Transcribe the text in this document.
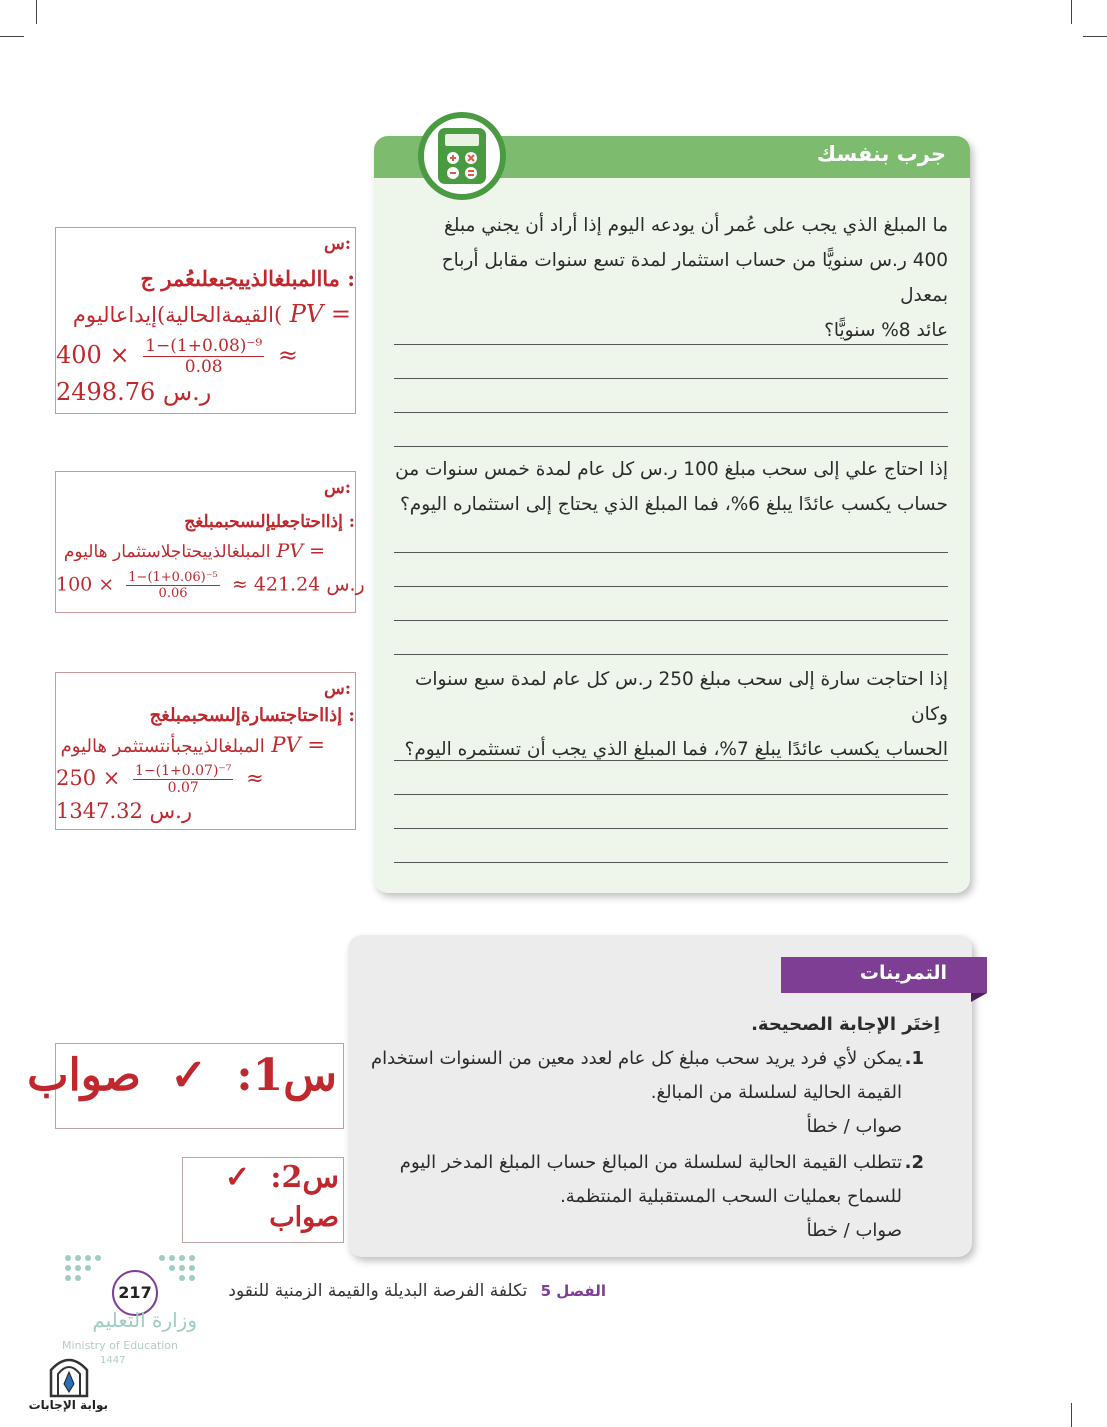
جرب بنفسك
ما المبلغ الذي يجب على عُمر أن يودعه اليوم إذا أراد أن يجني مبلغ
400 ر.س سنويًّا من حساب استثمار لمدة تسع سنوات مقابل أرباح بمعدل
عائد 8% سنويًّا؟
إذا احتاج علي إلى سحب مبلغ 100 ر.س كل عام لمدة خمس سنوات من
حساب يكسب عائدًا يبلغ 6%، فما المبلغ الذي يحتاج إلى استثماره اليوم؟
إذا احتاجت سارة إلى سحب مبلغ 250 ر.س كل عام لمدة سبع سنوات وكان
الحساب يكسب عائدًا يبلغ 7%، فما المبلغ الذي يجب أن تستثمره اليوم؟
س:
: ماالمبلغالذييجبعلىعُمر ج
القيمةالحالية)إيداعاليوم( PV =
$400 \times \frac{\text{1−(1+0.08)⁻⁹}}{0.08}$ ≈
2498.76 ر.س
س:
: إذااحتاجعليإلىسحبمبلغج
المبلغالذييحتاجلاستثمار هاليوم PV =
$100 \times \frac{\text{1−(1+0.06)⁻⁵}}{0.06} \approx 421.24$ ر.س
س:
: إذااحتاجتسارةإلىسحبمبلغج
المبلغالذييجبأنتستثمر هاليوم PV =
$250 \times \frac{\text{1−(1+0.07)⁻⁷}}{0.07}$ ≈
1347.32 ر.س
س1: ✓ صواب
س2: ✓
صواب
التمرينات
اِختَر الإجابة الصحيحة.
1.
يمكن لأي فرد يريد سحب مبلغ كل عام لعدد معين من السنوات استخدام
القيمة الحالية لسلسلة من المبالغ.
صواب / خطأ
2.
تتطلب القيمة الحالية لسلسلة من المبالغ حساب المبلغ المدخر اليوم
للسماح بعمليات السحب المستقبلية المنتظمة.
صواب / خطأ
217	الفصل 5 تكلفة الفرصة البديلة والقيمة الزمنية للنقود
وزارة التعليم
Ministry of Education
1447
بوابة الإجابات
